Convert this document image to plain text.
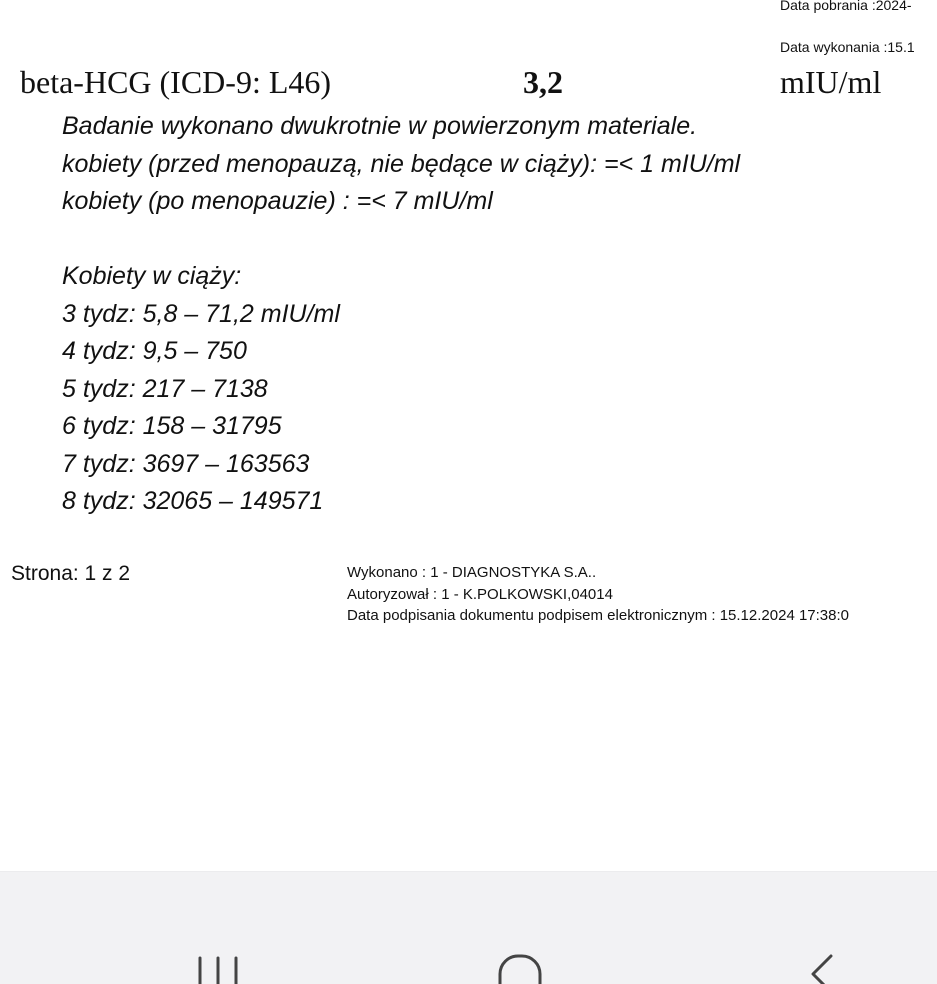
Data pobrania :2024-
Data wykonania :15.1
beta-HCG (ICD-9: L46)	3,2	mIU/ml
Badanie wykonano dwukrotnie w powierzonym materiale.
kobiety (przed menopauzą, nie będące w ciąży): =< 1 mIU/ml
kobiety (po menopauzie) : =< 7 mIU/ml
Kobiety w ciąży:
3 tydz: 5,8 – 71,2 mIU/ml
4 tydz: 9,5 – 750
5 tydz: 217 – 7138
6 tydz: 158 – 31795
7 tydz: 3697 – 163563
8 tydz: 32065 – 149571
Strona: 1 z 2	Wykonano : 1 - DIAGNOSTYKA S.A..
Autoryzował : 1 - K.POLKOWSKI,04014
Data podpisania dokumentu podpisem elektronicznym : 15.12.2024 17:38:0
